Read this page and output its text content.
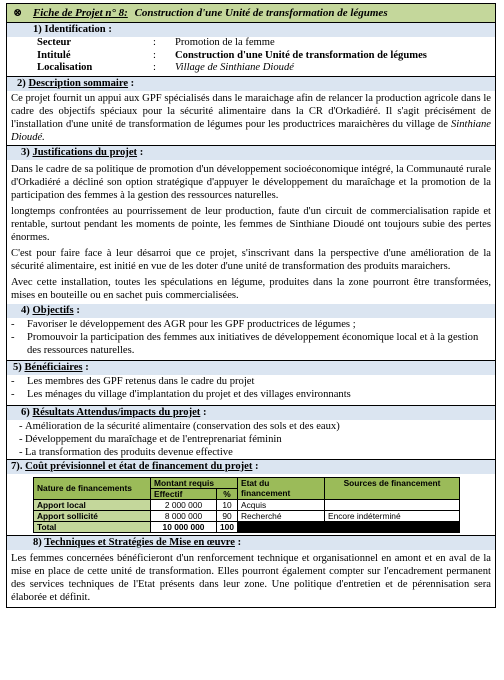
⊗ Fiche de Projet n° 8: Construction d'une Unité de transformation de légumes
1) Identification :
Secteur	:	Promotion de la femme
Intitulé	:	Construction d'une Unité de transformation de légumes
Localisation	:	Village de Sinthiane Dioudé
2) Description sommaire :
Ce projet fournit un appui aux GPF spécialisés dans le maraichage afin de relancer la production agricole dans le cadre des objectifs spéciaux pour la sécurité alimentaire dans la CR d'Orkadiéré. Il s'agit précisément de l'installation d'une unité de transformation de légumes pour les productrices maraichères du village de Sinthiane Dioudé.
3) Justifications du projet :
Dans le cadre de sa politique de promotion d'un développement socioéconomique intégré, la Communauté rurale d'Orkadiéré a décliné son option stratégique d'appuyer le développement du maraîchage et la promotion de la participation des femmes à la gestion des ressources naturelles.
longtemps confrontées au pourrissement de leur production, faute d'un circuit de commercialisation rapide et rentable, surtout pendant les moments de pointe, les femmes de Sinthiane Dioudé ont toujours subie des pertes énormes.
C'est pour faire face à leur désarroi que ce projet, s'inscrivant dans la perspective d'une amélioration de la sécurité alimentaire, est initié en vue de les doter d'une unité de transformation des produits maraichers.
Avec cette installation, toutes les spéculations en légume, produites dans la zone pourront être transformées, mises en bouteille ou en sachet puis commercialisées.
4) Objectifs :
-	Favoriser le développement des AGR pour les GPF productrices de légumes ;
-	Promouvoir la participation des femmes aux initiatives de développement économique local et à la gestion des ressources naturelles.
5) Bénéficiaires :
-	Les membres des GPF retenus dans le cadre du projet
-	Les ménages du village d'implantation du projet et des villages environnants
6) Résultats Attendus/impacts du projet :
- Amélioration de la sécurité alimentaire (conservation des sols et des eaux)
- Développement du maraîchage et de l'entreprenariat féminin
- La transformation des produits devenue effective
7). Coût prévisionnel et état de financement du projet :
Nature de financements	Montant requis		Etat du financement	Sources de financement
	Effectif	%		
Apport local	2 000 000	10	Acquis	
Apport sollicité	8 000 000	90	Recherché	Encore indéterminé
Total	10 000 000	100		
8) Techniques et Stratégies de Mise en œuvre :
Les femmes concernées bénéficieront d'un renforcement technique et organisationnel en amont et en aval de la mise en place de cette unité de transformation. Elles pourront également compter sur l'encadrement permanent des services techniques de l'Etat présents dans leur zone. Une politique d'entretien et de pérennisation sera élaborée et définit.
